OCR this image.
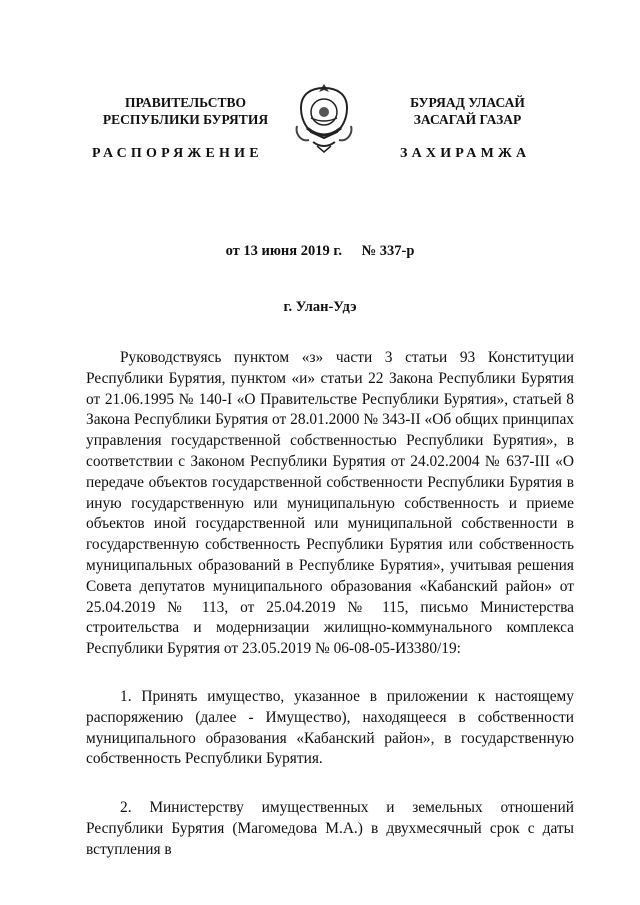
ПРАВИТЕЛЬСТВО
РЕСПУБЛИКИ БУРЯТИЯ
БУРЯАД УЛАСАЙ
ЗАСАГАЙ ГАЗАР
РАСПОРЯЖЕНИЕ	ЗАХИРАМЖА
от 13 июня 2019 г. № 337-р
г. Улан-Удэ

Руководствуясь пунктом «з» части 3 статьи 93 Конституции Республики Бурятия, пунктом «и» статьи 22 Закона Республики Бурятия от 21.06.1995 № 140-I «О Правительстве Республики Бурятия», статьей 8 Закона Республики Бурятия от 28.01.2000 № 343-II «Об общих принципах управления государственной собственностью Республики Бурятия», в соответствии с Законом Республики Бурятия от 24.02.2004 № 637-III «О передаче объектов государственной собственности Республики Бурятия в иную государственную или муниципальную собственность и приеме объектов иной государственной или муниципальной собственности в государственную собственность Республики Бурятия или собственность муниципальных образований в Республике Бурятия», учитывая решения Совета депутатов муниципального образования «Кабанский район» от 25.04.2019 № 113, от 25.04.2019 № 115, письмо Министерства строительства и модернизации жилищно-коммунального комплекса Республики Бурятия от 23.05.2019 № 06-08-05-И3380/19:

1. Принять имущество, указанное в приложении к настоящему распоряжению (далее - Имущество), находящееся в собственности муниципального образования «Кабанский район», в государственную собственность Республики Бурятия.

2. Министерству имущественных и земельных отношений Республики Бурятия (Магомедова М.А.) в двухмесячный срок с даты вступления в
